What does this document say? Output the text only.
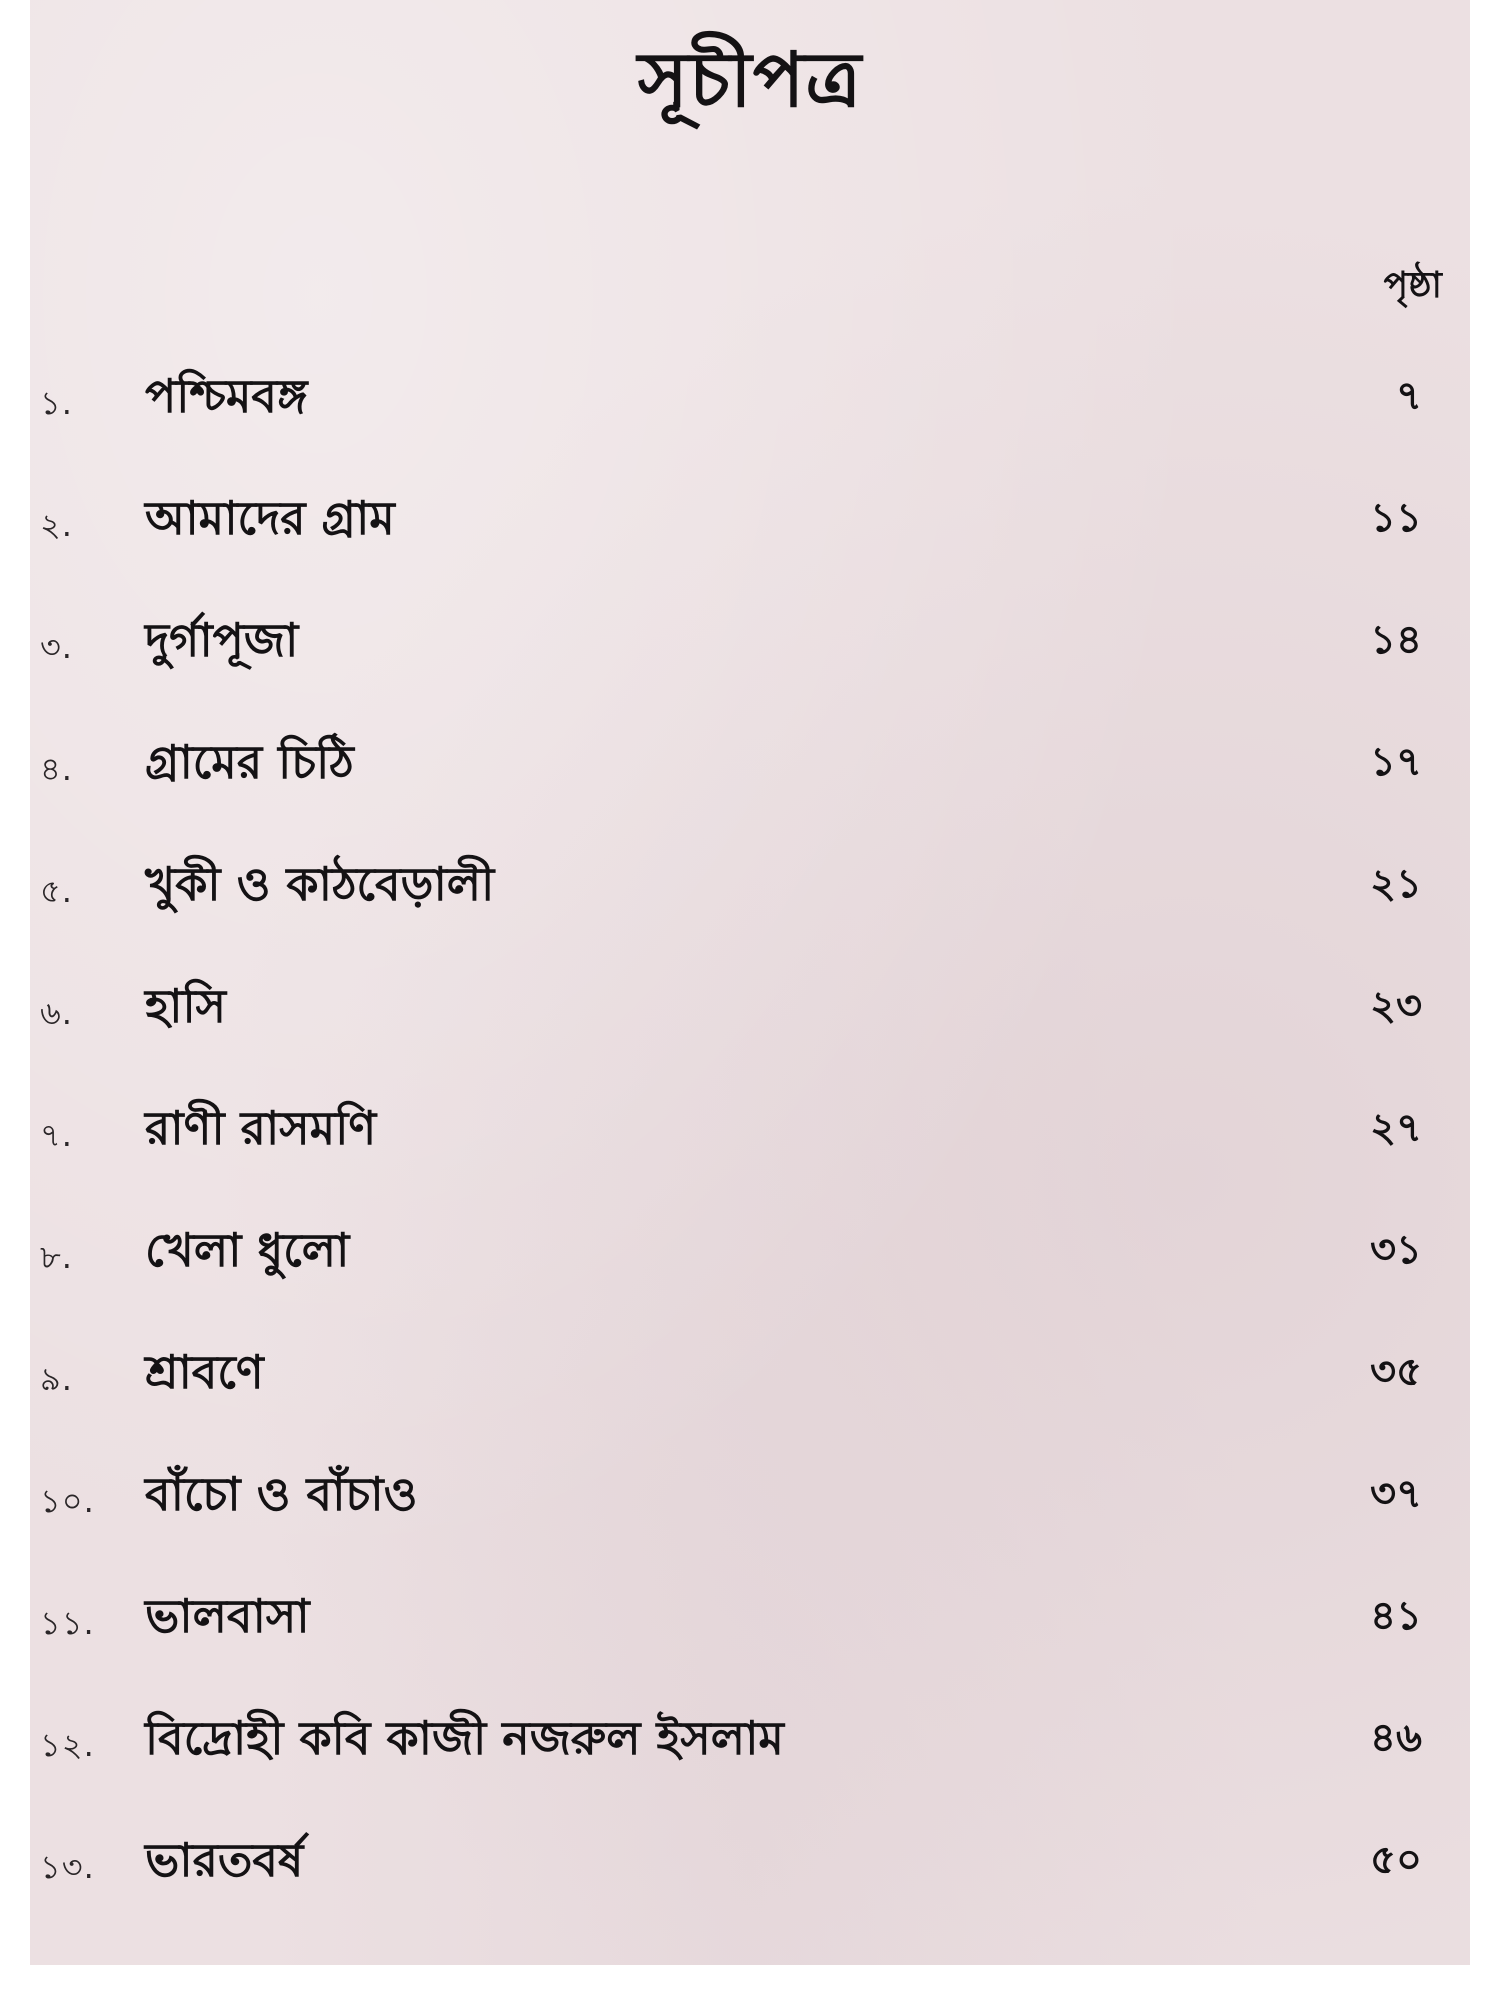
সূচীপত্র
পৃষ্ঠা
১. পশ্চিমবঙ্গ	৭
২. আমাদের গ্রাম	১১
৩. দুর্গাপূজা	১৪
৪. গ্রামের চিঠি	১৭
৫. খুকী ও কাঠবেড়ালী	২১
৬. হাসি	২৩
৭. রাণী রাসমণি	২৭
৮. খেলা ধুলো	৩১
৯. শ্রাবণে	৩৫
১০. বাঁচো ও বাঁচাও	৩৭
১১. ভালবাসা	৪১
১২. বিদ্রোহী কবি কাজী নজরুল ইসলাম	৪৬
১৩. ভারতবর্ষ	৫০
